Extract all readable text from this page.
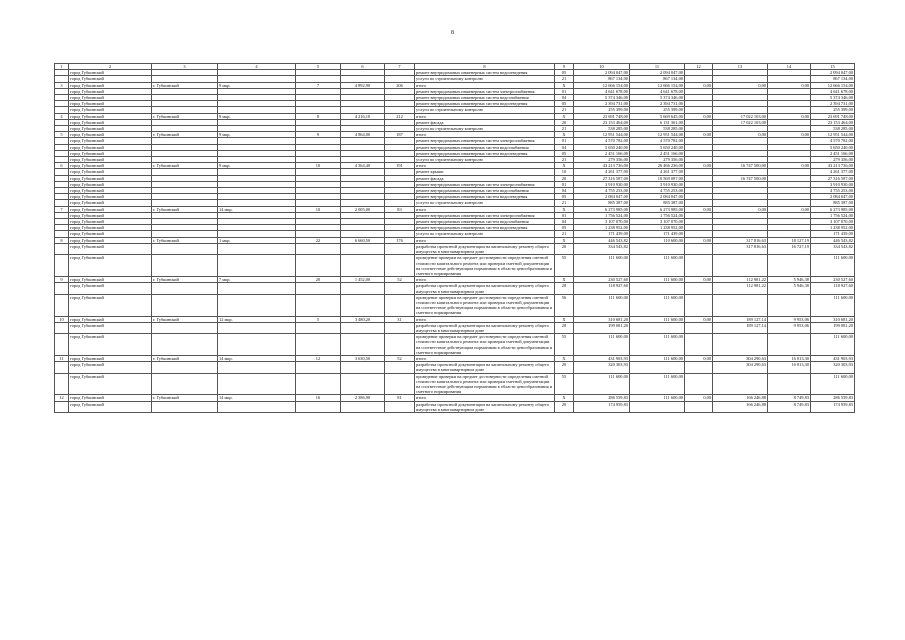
8
1	2	3	4	5	6	7	8	9	10	11	12	13	14	15
	город Губкинский						ремонт внутридомовых инженерных систем водоотведения	05	2 094 047,00	2 094 047,00				2 094 047,00
	город Губкинский						услуги по строительному контролю	21	867 134,00	867 134,00				867 134,00
3	город Губкинский	г. Губкинский	9 мкр.	7	4 892,90	206	итого	X	12 666 154,00	12 666 154,00	0,00	0,00	0,00	12 666 154,00
	город Губкинский						ремонт внутридомовых инженерных систем электроснабжения	01	4 641 678,00	4 641 678,00				4 641 678,00
	город Губкинский						ремонт внутридомовых инженерных систем водоснабжения	04	5 374 346,00	5 374 346,00				5 374 346,00
	город Губкинский						ремонт внутридомовых инженерных систем водоотведения	05	2 394 731,00	2 394 731,00				2 394 731,00
	город Губкинский						услуги по строительному контролю	21	255 399,00	255 399,00				255 399,00
4	город Губкинский	г. Губкинский	9 мкр.	8	4 216,10	212	итого	X	23 691 748,00	5 669 645,00	0,00	17 022 103,00	0,00	23 691 748,00
	город Губкинский						ремонт фасада	20	23 153 464,00	6 131 361,00		17 022 103,00		23 153 464,00
	город Губкинский						услуги по строительному контролю	21	538 285,00	538 285,00				538 285,00
5	город Губкинский	г. Губкинский	9 мкр.	9	4 864,00	187	итого	X	12 951 544,00	12 951 544,00	0,00	0,00	0,00	12 951 544,00
	город Губкинский						ремонт внутридомовых инженерных систем электроснабжения	01	4 570 782,00	4 570 782,00				4 570 782,00
	город Губкинский						ремонт внутридомовых инженерных систем водоснабжения	04	5 650 240,00	5 650 240,00				5 650 240,00
	город Губкинский						ремонт внутридомовых инженерных систем водоотведения	05	2 451 166,00	2 451 166,00				2 451 166,00
	город Губкинский						услуги по строительному контролю	21	279 356,00	279 356,00				279 356,00
6	город Губкинский	г. Губкинский	9 мкр.	10	4 364,40	191	итого	X	43 213 736,00	26 466 236,00	0,00	16 747 500,00	0,00	43 213 736,00
	город Губкинский						ремонт крыши	10	4 261 377,00	4 261 377,00				4 261 377,00
	город Губкинский						ремонт фасада	20	27 316 587,00	10 569 087,00		16 747 500,00		27 316 587,00
	город Губкинский						ремонт внутридомовых инженерных систем электроснабжения	01	3 910 930,00	3 910 930,00				3 910 930,00
	город Губкинский						ремонт внутридомовых инженерных систем водоснабжения	04	4 755 253,00	4 755 253,00				4 755 253,00
	город Губкинский						ремонт внутридомовых инженерных систем водоотведения	05	2 084 047,00	2 084 047,00				2 084 047,00
	город Губкинский						услуги по строительному контролю	21	885 387,00	885 387,00				885 387,00
7	город Губкинский	г. Губкинский	14 мкр.	10	2 005,00	83	итого	X	6 273 985,00	6 273 985,00	0,00	0,00	0,00	6 273 985,00
	город Губкинский						ремонт внутридомовых инженерных систем электроснабжения	01	1 756 524,00	1 756 524,00				1 756 524,00
	город Губкинский						ремонт внутридомовых инженерных систем водоснабжения	04	3 107 070,00	3 107 070,00				3 107 070,00
	город Губкинский						ремонт внутридомовых инженерных систем водоотведения	05	1 238 952,00	1 238 952,00				1 238 952,00
	город Губкинский						услуги по строительному контролю	21	171 439,00	171 439,00				171 439,00
8	город Губкинский	г. Губкинский	1 мкр.	22	6 660,50	176	итого	X	446 543,82	110 600,00	0,00	317 816,63	18 127,19	446 543,82
	город Губкинский						разработка проектной документации на капитальному ремонту общего имущества в многоквартирном доме	20	334 543,82			317 816,63	16 727,19	334 543,82
	город Губкинский						проведение проверки на предмет достоверности определения сметной стоимости капитального ремонта или проверки сметной документации на соответствие действующим нормативам в области ценообразования и сметного нормирования	55	111 600,00	111 600,00				111 600,00
9	город Губкинский	г. Губкинский	7 мкр.	20	1 452,00	52	итого	X	230 527,60	111 600,00	0,00	112 981,22	5 946,38	230 527,60
	город Губкинский						разработка проектной документации на капитальному ремонту общего имущества в многоквартирном доме	20	118 927,60			112 981,22	5 946,38	118 927,60
	город Губкинский						проведение проверки на предмет достоверности определения сметной стоимости капитального ремонта или проверки сметной документации на соответствие действующим нормативам в области ценообразования и сметного нормирования	56	111 600,00	111 600,00				111 600,00
10	город Губкинский	г. Губкинский	12 мкр.	5	3 480,20	31	итого	X	310 681,20	111 600,00	0,00	189 127,14	9 953,06	310 681,20
	город Губкинский						разработка проектной документации на капитальному ремонту общего имущества в многоквартирном доме	20	199 081,20			189 127,14	9 953,06	199 081,20
	город Губкинский						проведение проверки на предмет достоверности определения сметной стоимости капитального ремонта или проверки сметной документации на соответствие действующим нормативам в области ценообразования и сметного нормирования	55	111 600,00	111 600,00				111 600,00
11	город Губкинский	г. Губкинский	14 мкр.	12	3 630,50	52	итого	X	431 903,93	111 600,00	0,00	304 290,63	16 013,30	431 903,93
	город Губкинский						разработка проектной документации на капитальному ремонту общего имущества в многоквартирном доме	20	320 303,93			304 290,63	16 013,30	320 303,93
	город Губкинский						проведение проверки на предмет достоверности определения сметной стоимости капитального ремонта или проверки сметной документации на соответствие действующим нормативам в области ценообразования и сметного нормирования	55	111 600,00	111 600,00				111 600,00
12	город Губкинский	г. Губкинский	14 мкр.	16	2 386,90	81	итого	X	286 559,83	111 600,00	0,00	166 246,88	8 749,83	286 559,83
	город Губкинский						разработка проектной документации на капитальному ремонту общего имущества в многоквартирном доме	20	174 959,83			166 246,88	8 749,83	174 959,83
